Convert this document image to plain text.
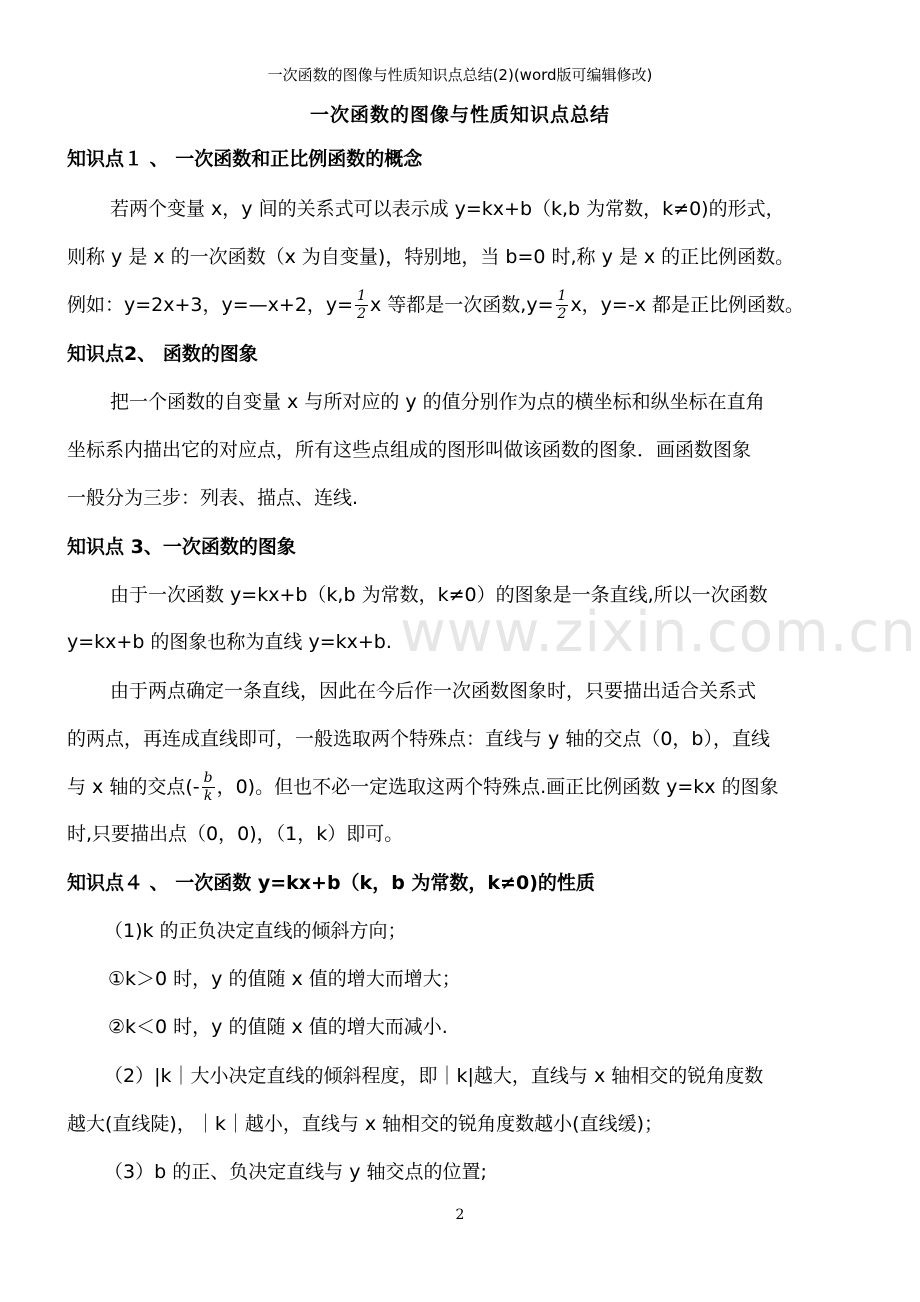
www.zixin.com.cn
一次函数的图像与性质知识点总结(2)(word版可编辑修改)
一次函数的图像与性质知识点总结
知识点１ 、 一次函数和正比例函数的概念
若两个变量 x，y 间的关系式可以表示成 y=kx+b（k,b 为常数，k≠0)的形式，
则称 y 是 x 的一次函数（x 为自变量)，特别地，当 b=0 时,称 y 是 x 的正比例函数。
例如：y=2x+3，y=—x+2，$y= \frac{1}{2}$ x 等都是一次函数$,y= \frac{1}{2}$ x，y=-x 都是正比例函数。
知识点2、 函数的图象
把一个函数的自变量 x 与所对应的 y 的值分别作为点的横坐标和纵坐标在直角
坐标系内描出它的对应点，所有这些点组成的图形叫做该函数的图象．画函数图象
一般分为三步：列表、描点、连线.
知识点 3、一次函数的图象
由于一次函数 y=kx+b（k,b 为常数，k≠0）的图象是一条直线,所以一次函数
y=kx+b 的图象也称为直线 y=kx+b.
由于两点确定一条直线，因此在今后作一次函数图象时，只要描出适合关系式
的两点，再连成直线即可，一般选取两个特殊点：直线与 y 轴的交点（0，b），直线
与 x 轴的交点(- $\frac{b}{k}$ ，0)。但也不必一定选取这两个特殊点.画正比例函数 y=kx 的图象
时,只要描出点（0，0)，（1，k）即可。
知识点４ 、 一次函数 y=kx+b（k，b 为常数，k≠0)的性质
（1)k 的正负决定直线的倾斜方向；
①k＞0 时，y 的值随 x 值的增大而增大；
②k＜0 时，y 的值随 x 值的增大而减小.
（2）|k｜大小决定直线的倾斜程度，即｜k|越大，直线与 x 轴相交的锐角度数
越大(直线陡)，｜k｜越小，直线与 x 轴相交的锐角度数越小(直线缓)；
（3）b 的正、负决定直线与 y 轴交点的位置;
2
